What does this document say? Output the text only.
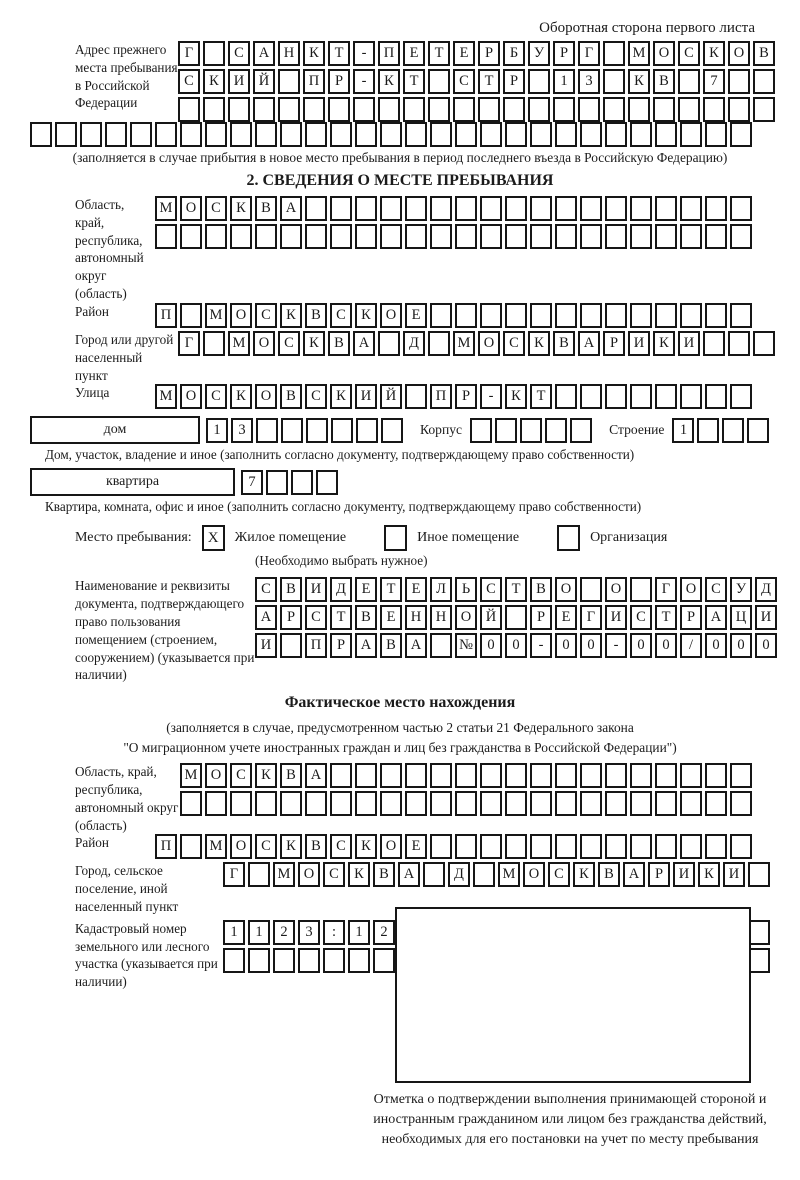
Оборотная сторона первого листа
Адрес прежнего места пребывания в Российской Федерации
Г	С	А	Н	К	Т	-	П	Е	Т	Е	Р	Б	У	Р	Г	М О	С	К	О	В
С	К	И	Й	П	Р	-	К	Т	С	Т	Р	1	3	К	В	7
(заполняется в случае прибытия в новое место пребывания в период последнего въезда в Российскую Федерацию)
2. СВЕДЕНИЯ О МЕСТЕ ПРЕБЫВАНИЯ
Область, край, республика, автономный округ (область)
М О	С	К	В	А
Район	П	М О	С	К	В	С	К	О	Е
Город или другой населенный пункт
Г	М О	С	К	В	А	Д	М О	С	К	В	А	Р	И	К	И
Улица	М О	С	К	О	В	С	К	И	Й	П	Р	-	К	Т
дом	1	3	Корпус	Строение	1
Дом, участок, владение и иное (заполнить согласно документу, подтверждающему право собственности)
квартира	7
Квартира, комната, офис и иное (заполнить согласно документу, подтверждающему право собственности)
Место пребывания:	X	Жилое помещение	Иное помещение	Организация
(Необходимо выбрать нужное)
Наименование и реквизиты документа, подтверждающего право пользования помещением (строением, сооружением) (указывается при наличии)
С	В	И	Д	Е	Т	Е	Л	Ь	С	Т	В	О	О	Г	О	С	У	Д
А	Р	С	Т	В	Е	Н	Н	О	Й	Р	Е	Г	И	С	Т	Р	А	Ц	И
И	П	Р	А	В	А	№ 0	0	-	0	0	-	0	0	/	0	0	0
Фактическое место нахождения
(заполняется в случае, предусмотренном частью 2 статьи 21 Федерального закона
"О миграционном учете иностранных граждан и лиц без гражданства в Российской Федерации")
Область, край, республика, автономный округ (область)
М О	С	К	В	А
Район	П	М О	С	К	В	С	К	О	Е
Город, сельское поселение, иной населенный пункт
Г	М О	С	К	В	А	Д	М О	С	К	В	А	Р	И	К	И
Кадастровый номер земельного или лесного участка (указывается при наличии)
1	1	2	3	:	1	2
Отметка о подтверждении выполнения принимающей стороной и иностранным гражданином или лицом без гражданства действий, необходимых для его постановки на учет по месту пребывания
